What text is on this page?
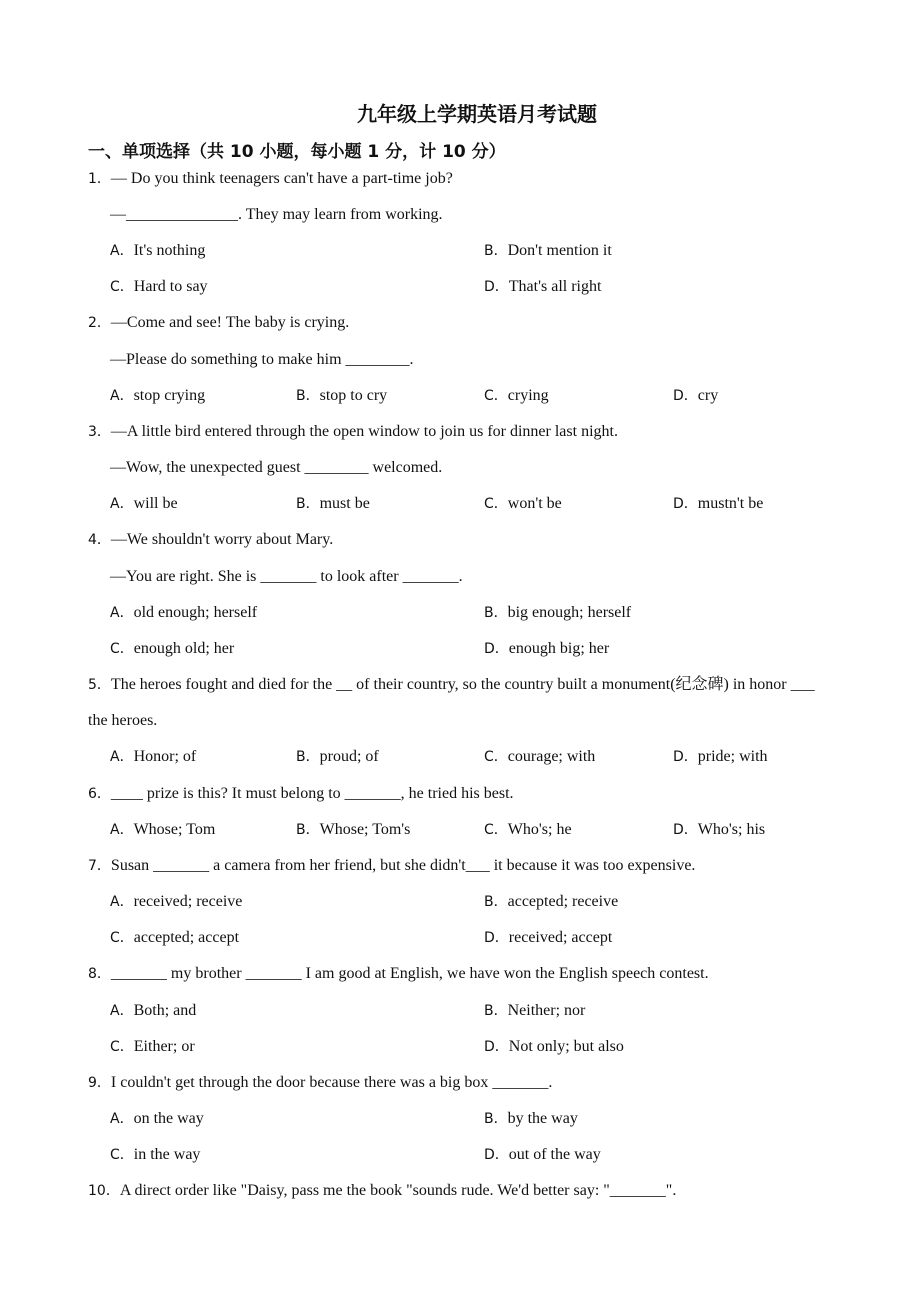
九年级上学期英语月考试题
一、单项选择（共 10 小题，每小题 1 分，计 10 分）
1．— Do you think teenagers can't have a part-time job?
—______________. They may learn from working.
A．It's nothing	B．Don't mention it
C．Hard to say	D．That's all right
2．—Come and see! The baby is crying.
—Please do something to make him ________.
A．stop crying	B．stop to cry	C．crying	D．cry
3．—A little bird entered through the open window to join us for dinner last night.
—Wow, the unexpected guest ________ welcomed.
A．will be	B．must be	C．won't be	D．mustn't be
4．—We shouldn't worry about Mary.
—You are right. She is _______ to look after _______.
A．old enough; herself	B．big enough; herself
C．enough old; her	D．enough big; her
5．The heroes fought and died for the __ of their country, so the country built a monument(纪念碑) in honor ___
the heroes.
A．Honor; of	B．proud; of	C．courage; with	D．pride; with
6．____ prize is this? It must belong to _______, he tried his best.
A．Whose; Tom	B．Whose; Tom's	C．Who's; he	D．Who's; his
7．Susan _______ a camera from her friend, but she didn't___ it because it was too expensive.
A．received; receive	B．accepted; receive
C．accepted; accept	D．received; accept
8．_______ my brother _______ I am good at English, we have won the English speech contest.
A．Both; and	B．Neither; nor
C．Either; or	D．Not only; but also
9．I couldn't get through the door because there was a big box _______.
A．on the way	B．by the way
C．in the way	D．out of the way
10．A direct order like "Daisy, pass me the book "sounds rude. We'd better say: "_______".
